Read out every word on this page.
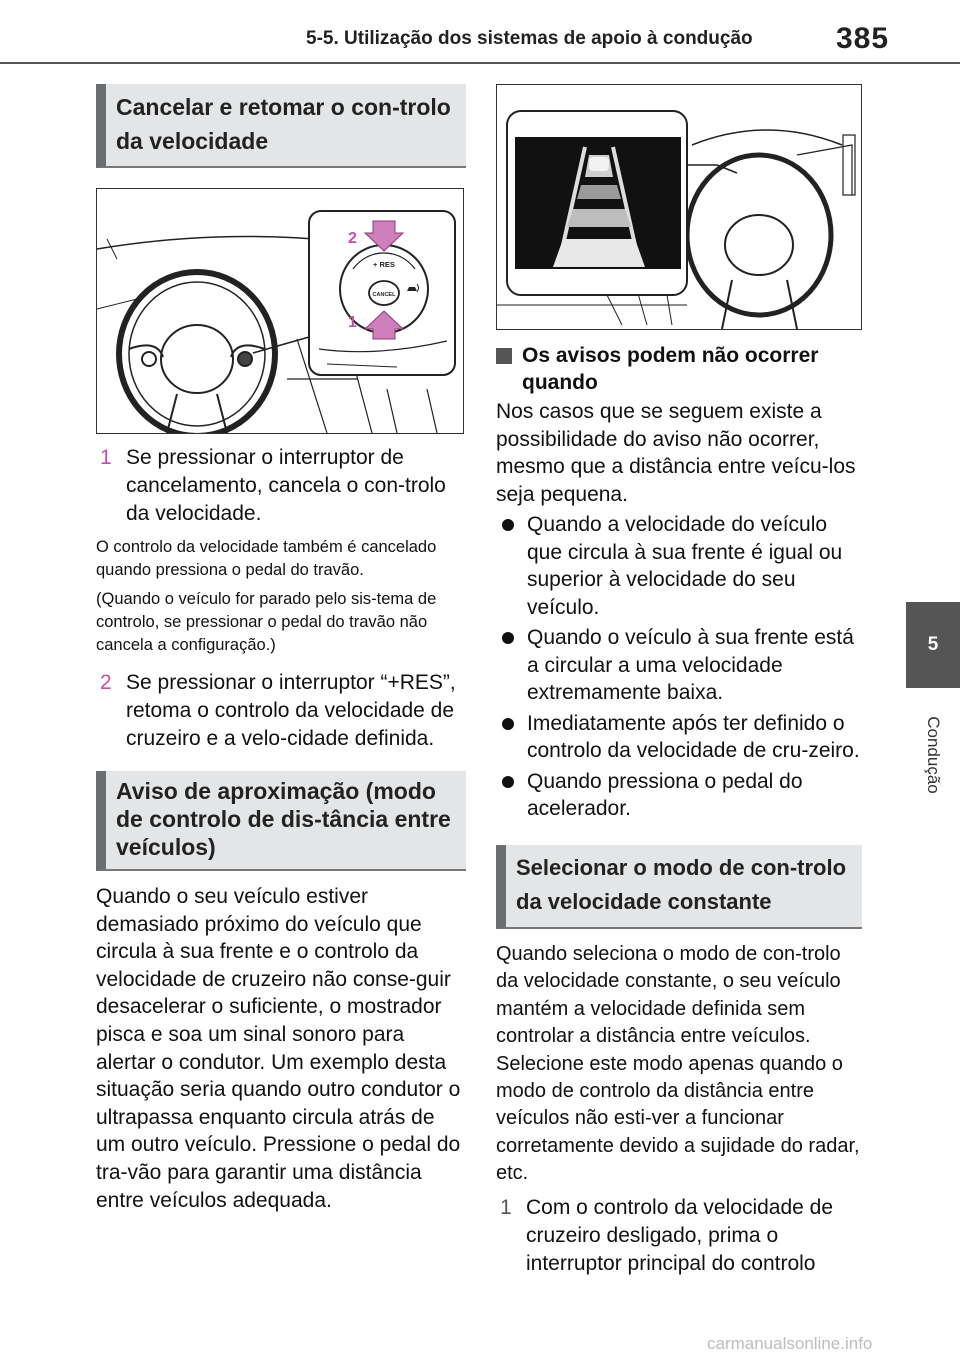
5-5. Utilização dos sistemas de apoio à condução	385
5
Condução
Cancelar e retomar o con-trolo da velocidade
+ RES
CANCEL
2
1
1 Se pressionar o interruptor de cancelamento, cancela o con-trolo da velocidade.

O controlo da velocidade também é cancelado quando pressiona o pedal do travão.

(Quando o veículo for parado pelo sis-tema de controlo, se pressionar o pedal do travão não cancela a configuração.)

2 Se pressionar o interruptor “+RES”, retoma o controlo da velocidade de cruzeiro e a velo-cidade definida.

Aviso de aproximação (modo de controlo de dis-tância entre veículos)

Quando o seu veículo estiver demasiado próximo do veículo que circula à sua frente e o controlo da velocidade de cruzeiro não conse-guir desacelerar o suficiente, o mostrador pisca e soa um sinal sonoro para alertar o condutor. Um exemplo desta situação seria quando outro condutor o ultrapassa enquanto circula atrás de um outro veículo. Pressione o pedal do tra-vão para garantir uma distância entre veículos adequada.

Os avisos podem não ocorrer quando

Nos casos que se seguem existe a possibilidade do aviso não ocorrer, mesmo que a distância entre veícu-los seja pequena.

Quando a velocidade do veículo que circula à sua frente é igual ou superior à velocidade do seu veículo.

Quando o veículo à sua frente está a circular a uma velocidade extremamente baixa.

Imediatamente após ter definido o controlo da velocidade de cru-zeiro.

Quando pressiona o pedal do acelerador.

Selecionar o modo de con-trolo da velocidade constante

Quando seleciona o modo de con-trolo da velocidade constante, o seu veículo mantém a velocidade definida sem controlar a distância entre veículos. Selecione este modo apenas quando o modo de controlo da distância entre veículos não esti-ver a funcionar corretamente devido a sujidade do radar, etc.

1 Com o controlo da velocidade de cruzeiro desligado, prima o interruptor principal do controlo

carmanualsonline.info
